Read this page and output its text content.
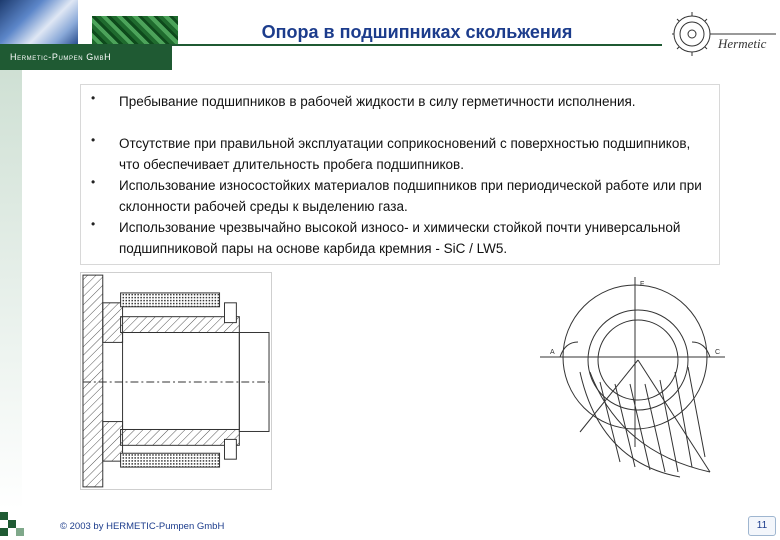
Hermetic-Pumpen GmbH
Опора в подшипниках скольжения
Hermetic
• Пребывание подшипников в рабочей жидкости в силу герметичности исполнения.
• Отсутствие при правильной эксплуатации соприкосновений с поверхностью подшипников, что обеспечивает длительность пробега подшипников.
• Использование износостойких материалов подшипников при периодической работе или при склонности рабочей среды к выделению газа.
• Использование чрезвычайно высокой износо- и химически стойкой почти универсальной подшипниковой пары на основе карбида кремния - SiC / LW5.
A	C
F
© 2003 by HERMETIC-Pumpen GmbH	11
